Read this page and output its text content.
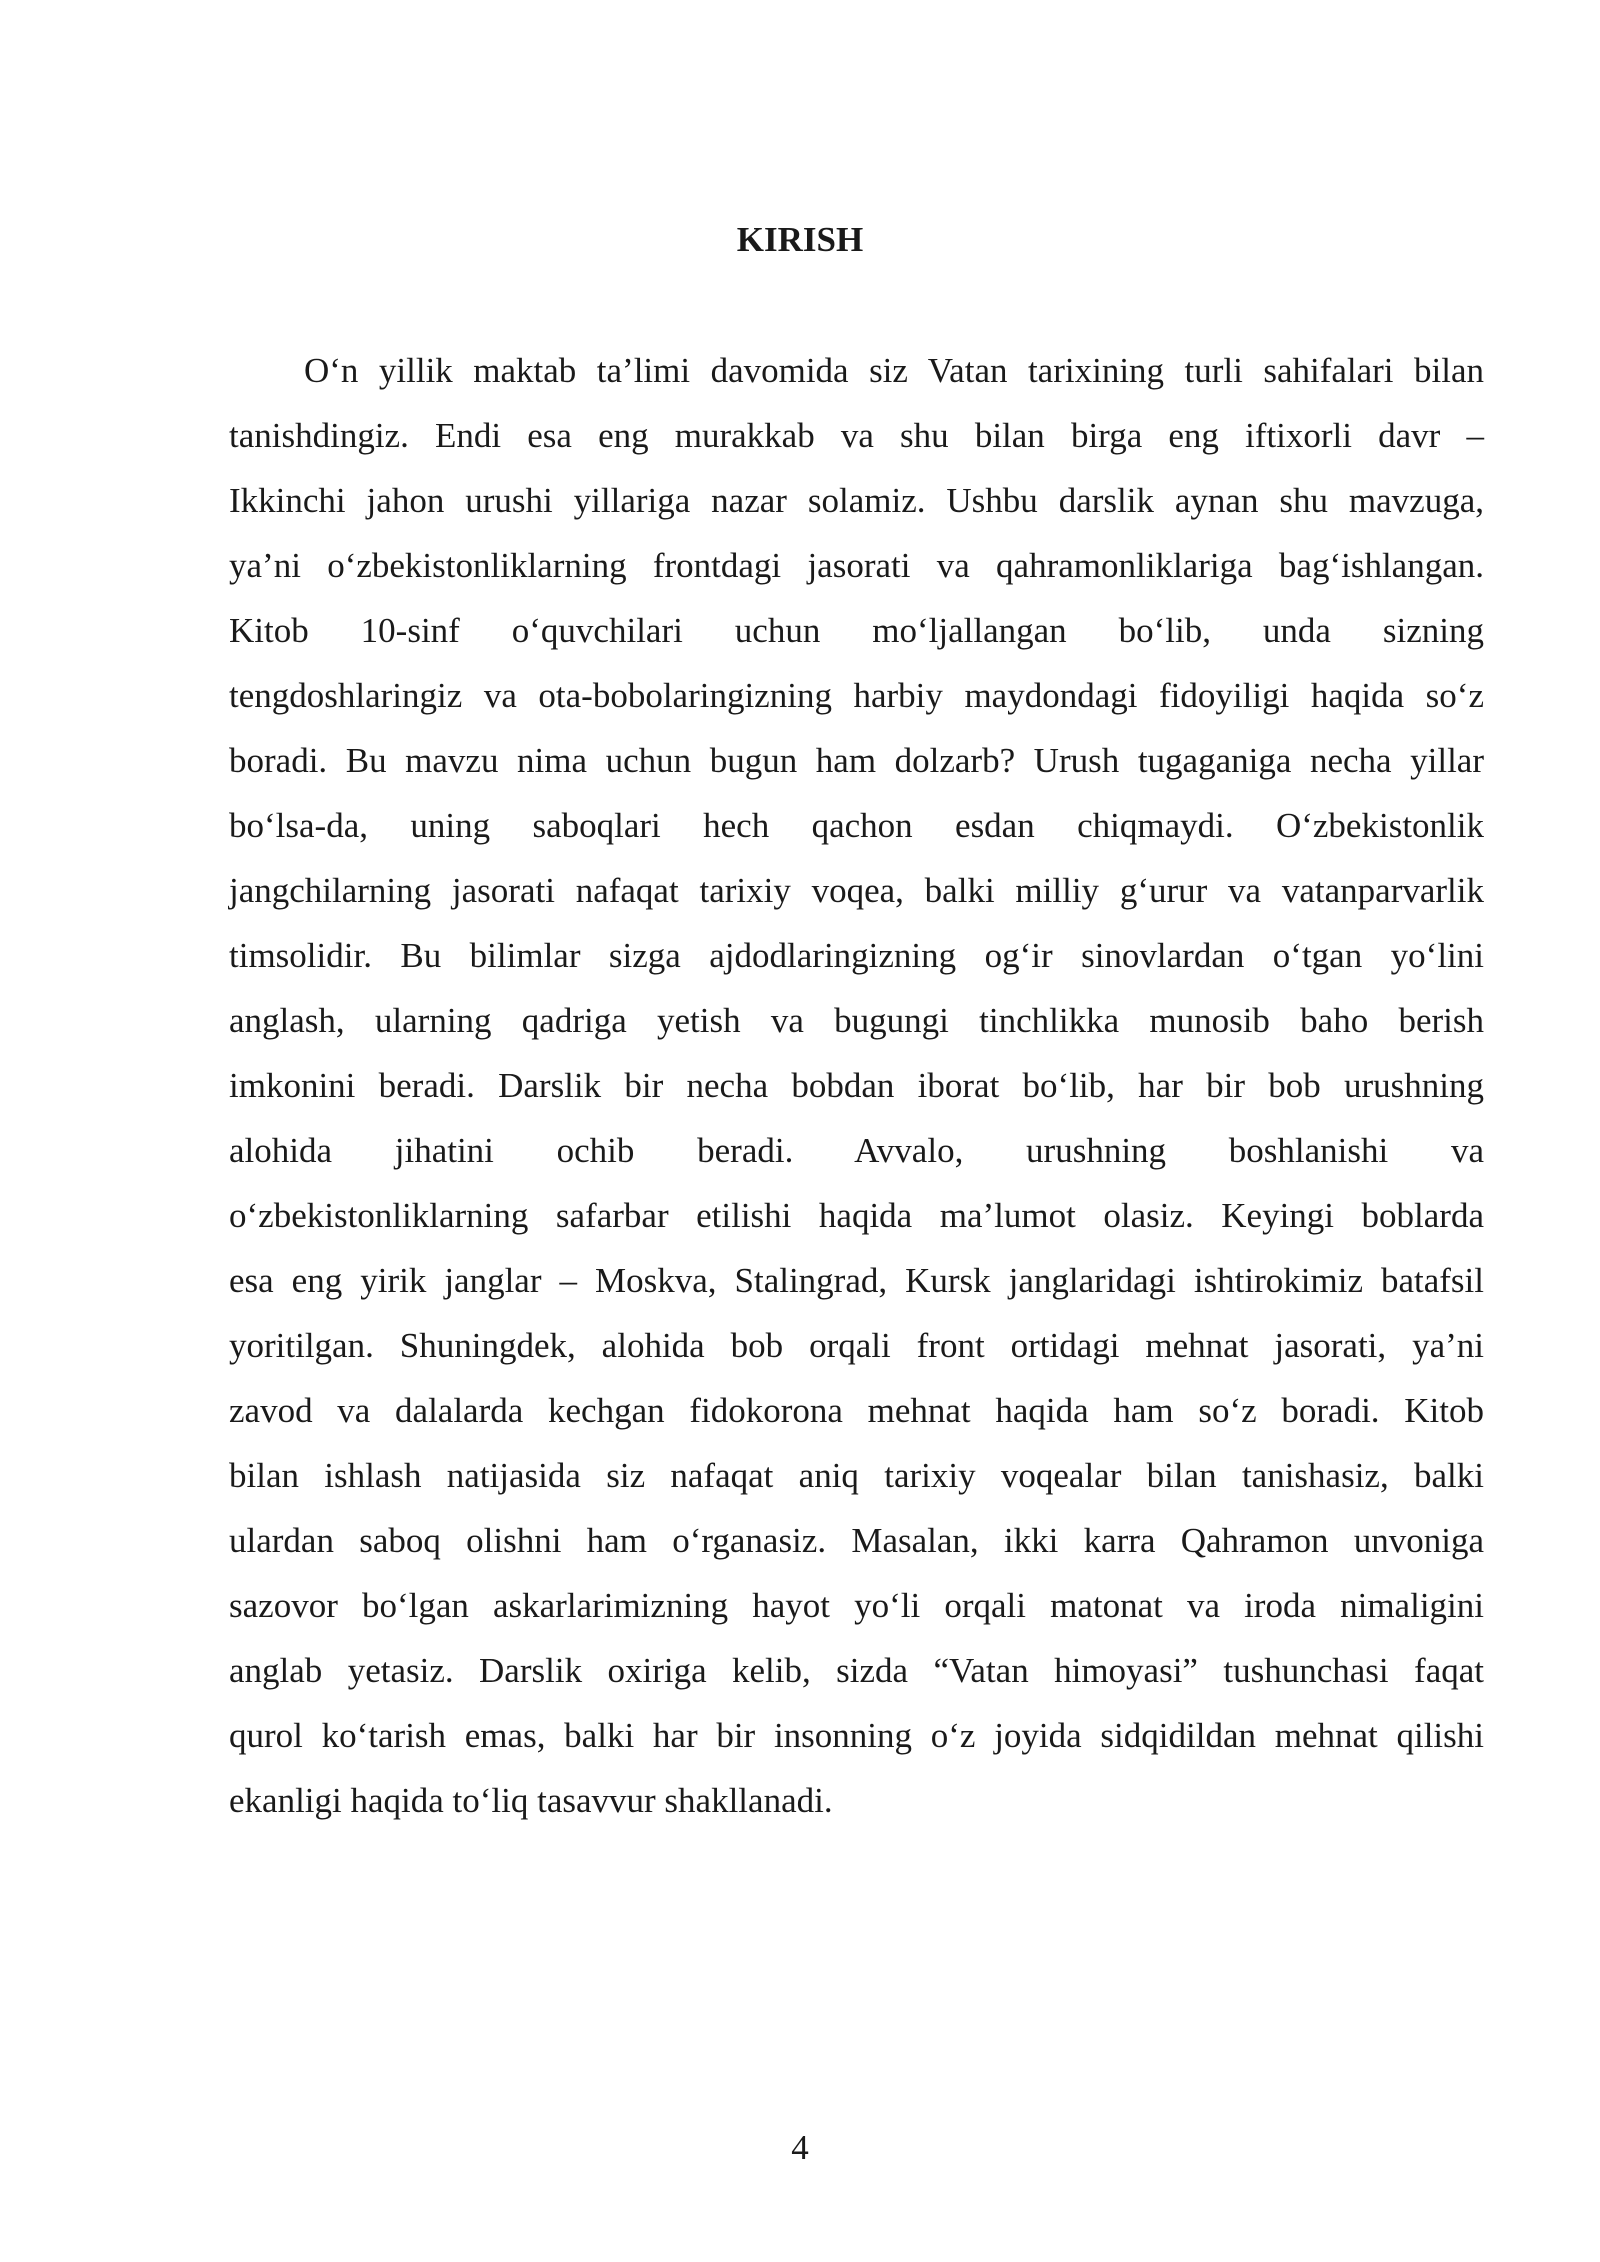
KIRISH
O‘n yillik maktab ta’limi davomida siz Vatan tarixining turli sahifalari bilan
tanishdingiz. Endi esa eng murakkab va shu bilan birga eng iftixorli davr –
Ikkinchi jahon urushi yillariga nazar solamiz. Ushbu darslik aynan shu mavzuga,
ya’ni o‘zbekistonliklarning frontdagi jasorati va qahramonliklariga bag‘ishlangan.
Kitob 10-sinf o‘quvchilari uchun mo‘ljallangan bo‘lib, unda sizning
tengdoshlaringiz va ota-bobolaringizning harbiy maydondagi fidoyiligi haqida so‘z
boradi. Bu mavzu nima uchun bugun ham dolzarb? Urush tugaganiga necha yillar
bo‘lsa-da, uning saboqlari hech qachon esdan chiqmaydi. O‘zbekistonlik
jangchilarning jasorati nafaqat tarixiy voqea, balki milliy g‘urur va vatanparvarlik
timsolidir. Bu bilimlar sizga ajdodlaringizning og‘ir sinovlardan o‘tgan yo‘lini
anglash, ularning qadriga yetish va bugungi tinchlikka munosib baho berish
imkonini beradi. Darslik bir necha bobdan iborat bo‘lib, har bir bob urushning
alohida jihatini ochib beradi. Avvalo, urushning boshlanishi va
o‘zbekistonliklarning safarbar etilishi haqida ma’lumot olasiz. Keyingi boblarda
esa eng yirik janglar – Moskva, Stalingrad, Kursk janglaridagi ishtirokimiz batafsil
yoritilgan. Shuningdek, alohida bob orqali front ortidagi mehnat jasorati, ya’ni
zavod va dalalarda kechgan fidokorona mehnat haqida ham so‘z boradi. Kitob
bilan ishlash natijasida siz nafaqat aniq tarixiy voqealar bilan tanishasiz, balki
ulardan saboq olishni ham o‘rganasiz. Masalan, ikki karra Qahramon unvoniga
sazovor bo‘lgan askarlarimizning hayot yo‘li orqali matonat va iroda nimaligini
anglab yetasiz. Darslik oxiriga kelib, sizda “Vatan himoyasi” tushunchasi faqat
qurol ko‘tarish emas, balki har bir insonning o‘z joyida sidqidildan mehnat qilishi
ekanligi haqida to‘liq tasavvur shakllanadi.
4
